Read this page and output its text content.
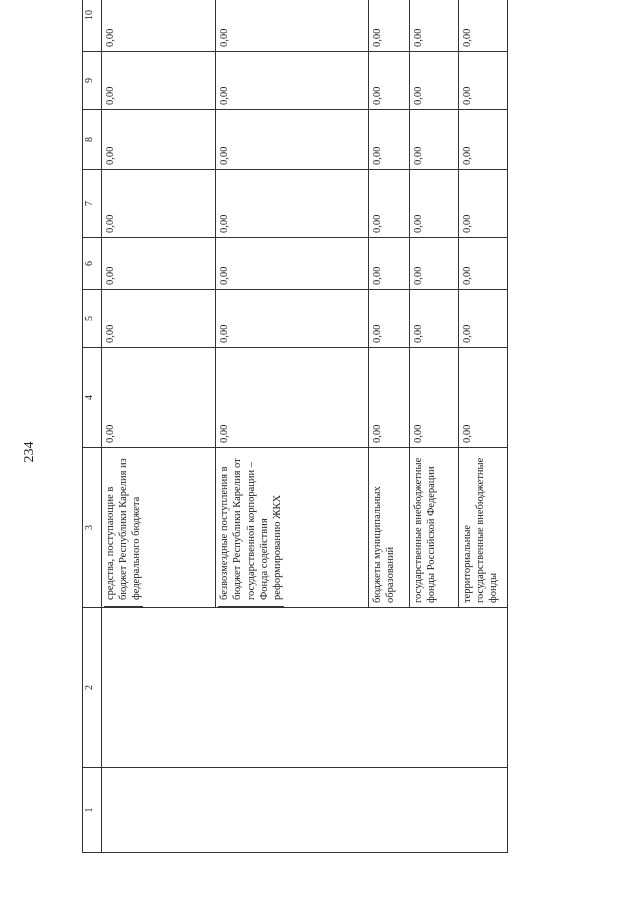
234
1	2	3	4	5	6	7	8	9	10

		средства, поступающие в бюджет Республики Карелия из федерального бюджета	0,00	0,00	0,00	0,00	0,00	0,00	0,00

		безвозмездные поступления в бюджет Республики Карелия от государственной корпорации – Фонда содействия реформированию ЖКХ	0,00	0,00	0,00	0,00	0,00	0,00	0,00
		бюджеты муниципальных образований	0,00	0,00	0,00	0,00	0,00	0,00	0,00
		государственные внебюджетные фонды Российской Федерации	0,00	0,00	0,00	0,00	0,00	0,00	0,00
		территориальные государственные внебюджетные фонды	0,00	0,00	0,00	0,00	0,00	0,00	0,00
